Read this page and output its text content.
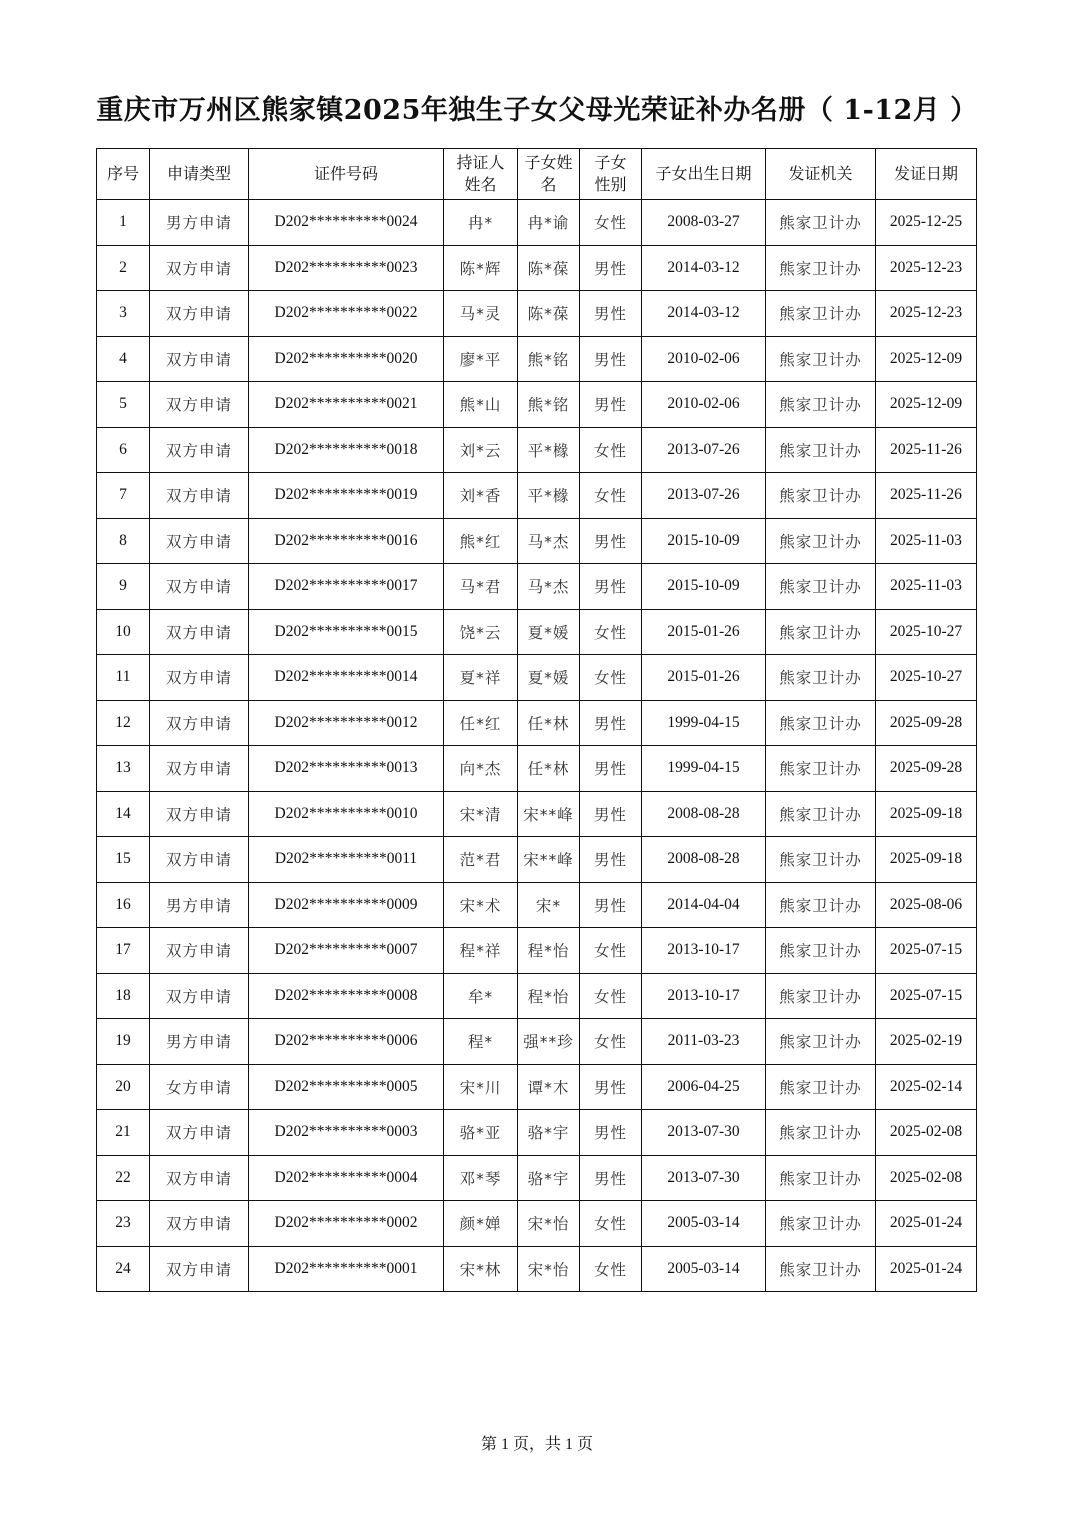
重庆市万州区熊家镇2025年独生子女父母光荣证补办名册（ 1-12月 ）
序号	申请类型	证件号码	持证人姓名	子女姓名	子女性别	子女出生日期	发证机关	发证日期
1	男方申请	D202**********0024	冉*	冉*谕	女性	2008-03-27	熊家卫计办	2025-12-25
2	双方申请	D202**********0023	陈*辉	陈*葆	男性	2014-03-12	熊家卫计办	2025-12-23
3	双方申请	D202**********0022	马*灵	陈*葆	男性	2014-03-12	熊家卫计办	2025-12-23
4	双方申请	D202**********0020	廖*平	熊*铭	男性	2010-02-06	熊家卫计办	2025-12-09
5	双方申请	D202**********0021	熊*山	熊*铭	男性	2010-02-06	熊家卫计办	2025-12-09
6	双方申请	D202**********0018	刘*云	平*橼	女性	2013-07-26	熊家卫计办	2025-11-26
7	双方申请	D202**********0019	刘*香	平*橼	女性	2013-07-26	熊家卫计办	2025-11-26
8	双方申请	D202**********0016	熊*红	马*杰	男性	2015-10-09	熊家卫计办	2025-11-03
9	双方申请	D202**********0017	马*君	马*杰	男性	2015-10-09	熊家卫计办	2025-11-03
10	双方申请	D202**********0015	饶*云	夏*媛	女性	2015-01-26	熊家卫计办	2025-10-27
11	双方申请	D202**********0014	夏*祥	夏*媛	女性	2015-01-26	熊家卫计办	2025-10-27
12	双方申请	D202**********0012	任*红	任*林	男性	1999-04-15	熊家卫计办	2025-09-28
13	双方申请	D202**********0013	向*杰	任*林	男性	1999-04-15	熊家卫计办	2025-09-28
14	双方申请	D202**********0010	宋*清	宋**峰	男性	2008-08-28	熊家卫计办	2025-09-18
15	双方申请	D202**********0011	范*君	宋**峰	男性	2008-08-28	熊家卫计办	2025-09-18
16	男方申请	D202**********0009	宋*术	宋*	男性	2014-04-04	熊家卫计办	2025-08-06
17	双方申请	D202**********0007	程*祥	程*怡	女性	2013-10-17	熊家卫计办	2025-07-15
18	双方申请	D202**********0008	牟*	程*怡	女性	2013-10-17	熊家卫计办	2025-07-15
19	男方申请	D202**********0006	程*	强**珍	女性	2011-03-23	熊家卫计办	2025-02-19
20	女方申请	D202**********0005	宋*川	谭*木	男性	2006-04-25	熊家卫计办	2025-02-14
21	双方申请	D202**********0003	骆*亚	骆*宇	男性	2013-07-30	熊家卫计办	2025-02-08
22	双方申请	D202**********0004	邓*琴	骆*宇	男性	2013-07-30	熊家卫计办	2025-02-08
23	双方申请	D202**********0002	颜*婵	宋*怡	女性	2005-03-14	熊家卫计办	2025-01-24
24	双方申请	D202**********0001	宋*林	宋*怡	女性	2005-03-14	熊家卫计办	2025-01-24
第 1 页，共 1 页
